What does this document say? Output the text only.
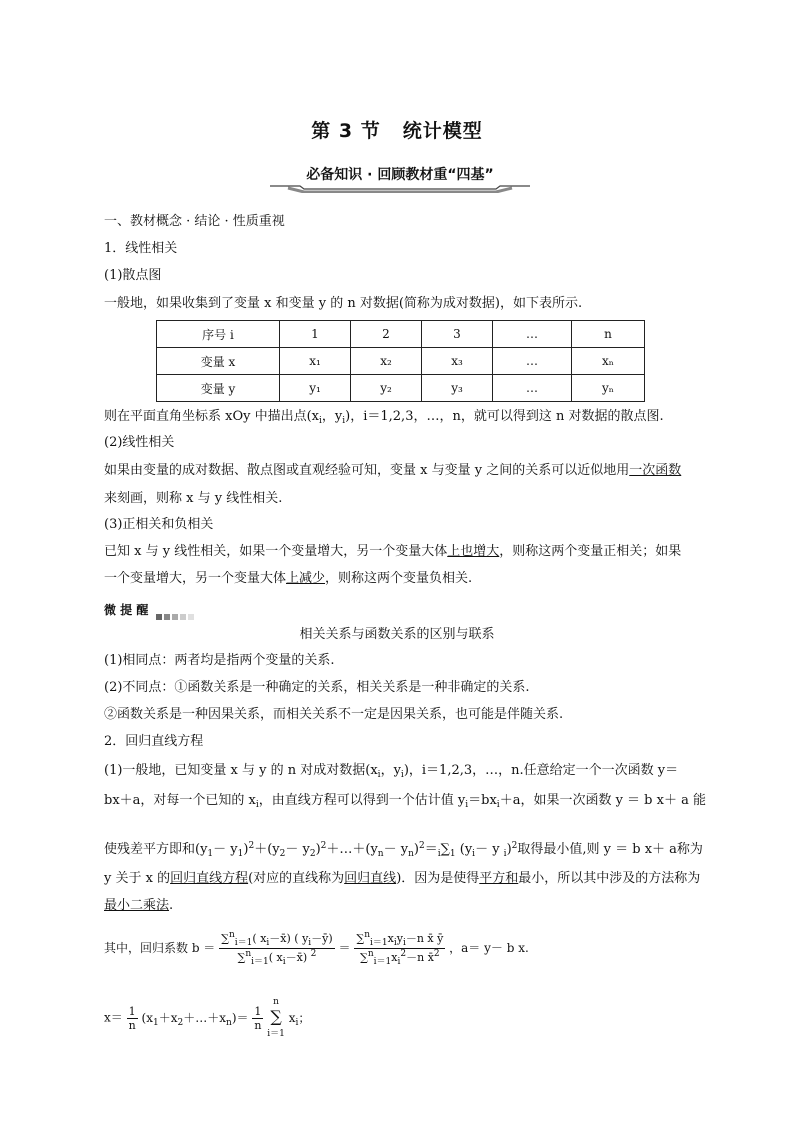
第 3 节 统计模型
必备知识 · 回顾教材重“四基”
一、教材概念 · 结论 · 性质重视
1．线性相关
(1)散点图
一般地，如果收集到了变量 x 和变量 y 的 n 对数据(简称为成对数据)，如下表所示.
序号 i	1	2	3	…	n
变量 x	x₁	x₂	x₃	…	xₙ
变量 y	y₁	y₂	y₃	…	yₙ
则在平面直角坐标系 xOy 中描出点($x_i$，$y_i$)，i＝1,2,3，…，n，就可以得到这 n 对数据的散点图.
(2)线性相关
如果由变量的成对数据、散点图或直观经验可知，变量 x 与变量 y 之间的关系可以近似地用一次函数
来刻画，则称 x 与 y 线性相关.
(3)正相关和负相关
已知 x 与 y 线性相关，如果一个变量增大，另一个变量大体上也增大，则称这两个变量正相关；如果
一个变量增大，另一个变量大体上减少，则称这两个变量负相关.
微 提 醒
相关关系与函数关系的区别与联系
(1)相同点：两者均是指两个变量的关系.
(2)不同点：①函数关系是一种确定的关系，相关关系是一种非确定的关系.
②函数关系是一种因果关系，而相关关系不一定是因果关系，也可能是伴随关系.
2．回归直线方程
(1)一般地，已知变量 x 与 y 的 n 对成对数据($x_i$，$y_i$)，i＝1,2,3，…，n.任意给定一个一次函数 y＝
bx＋a，对每一个已知的 $x_i$，由直线方程可以得到一个估计值 $y_i=bx_i+a$，如果一次函数 y ＝ b x＋ a 能
使残差平方即和$(y_1- y_1)^2+(y_2-$ $y_2)^2+\dots+(y_n- y_n)^2=_i\sum_1$ ($y_i- y$ $_i$)$^2$取得最小值,则 y ＝ b x＋ a称为
y 关于 x 的回归直线方程(对应的直线称为回归直线)．因为是使得平方和最小，所以其中涉及的方法称为
最小二乘法.
其中，回归系数 $b = \frac{\sum^n_{i=1}( x_i-x̄) ( y_i-ȳ)}{\sum^n_{i=1}( x_i-x̄) ^2} = \frac{\sum^n_{i=1}x_iy_i-n x̄ ȳ}{\sum^n_{i=1}x_i^2-n x̄^2}$ ，a＝ y－ b x.
$x= \frac{1}{n}$ $(x_1+x_2+\dots+x_n)= \frac{1}{n}$

n
∑
i＝1
$x_i$；
